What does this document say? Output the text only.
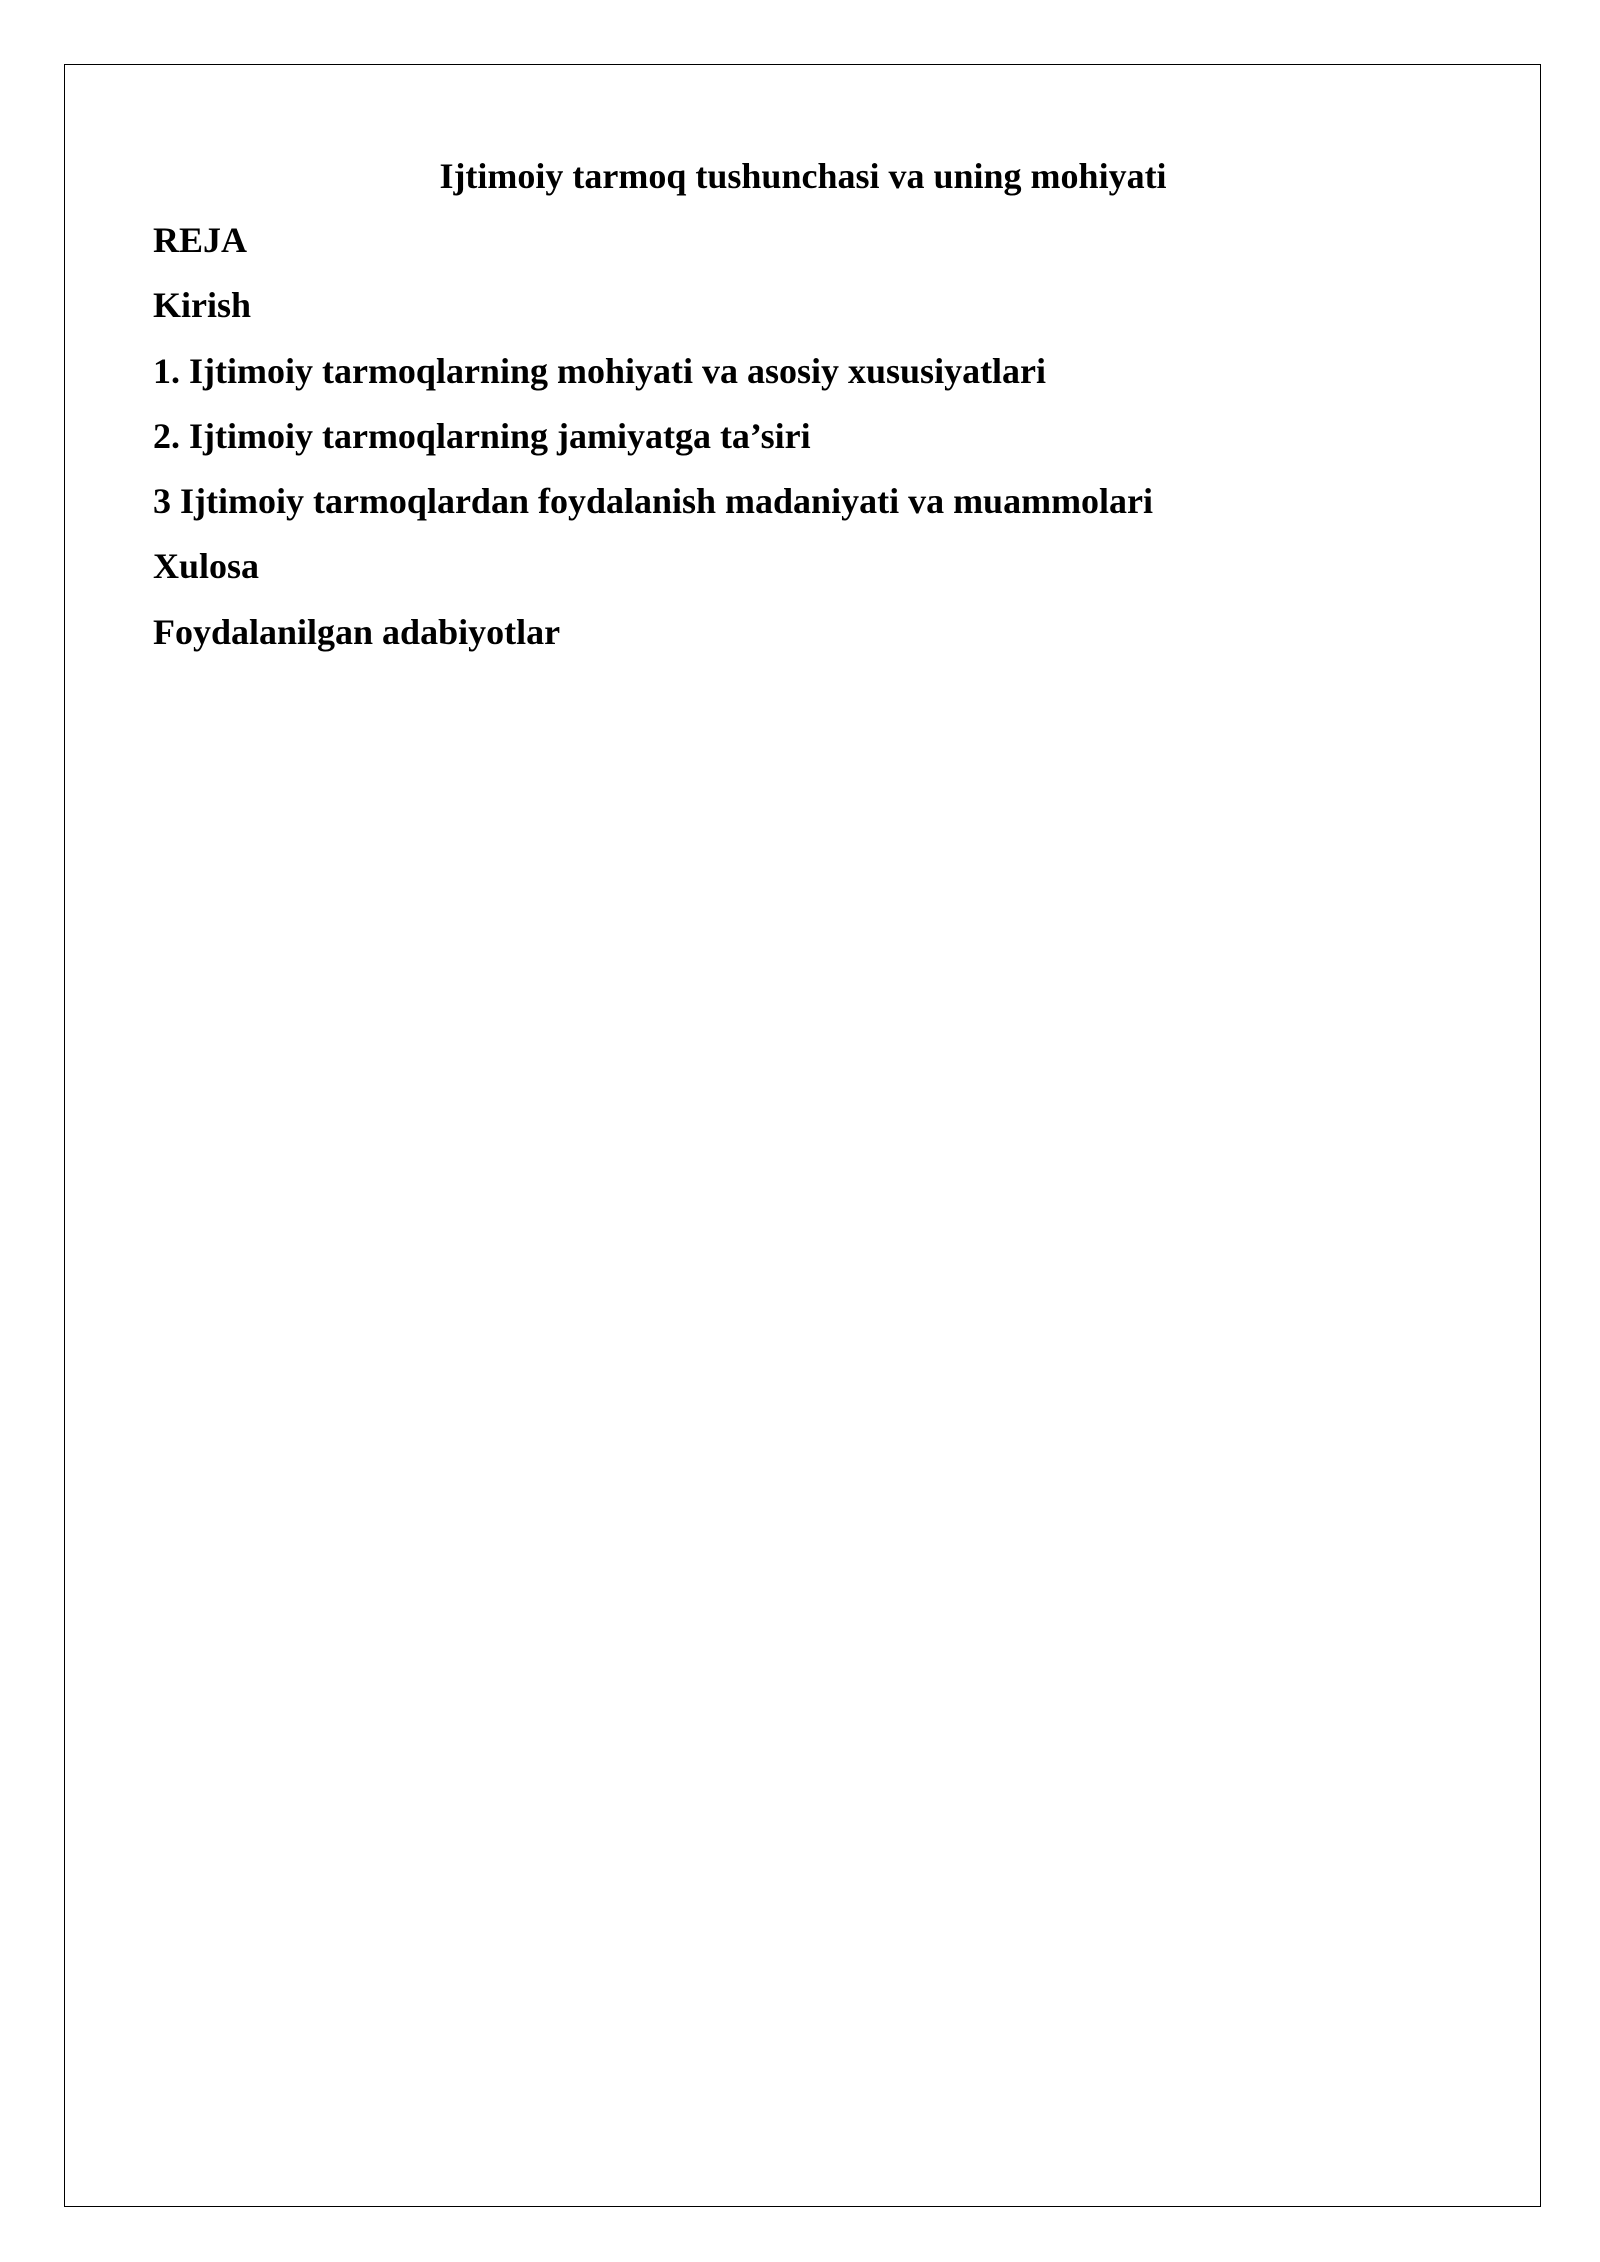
Ijtimoiy tarmoq tushunchasi va uning mohiyati
REJA
Kirish
1. Ijtimoiy tarmoqlarning mohiyati va asosiy xususiyatlari
2. Ijtimoiy tarmoqlarning jamiyatga ta’siri
3 Ijtimoiy tarmoqlardan foydalanish madaniyati va muammolari
Xulosa
Foydalanilgan adabiyotlar
